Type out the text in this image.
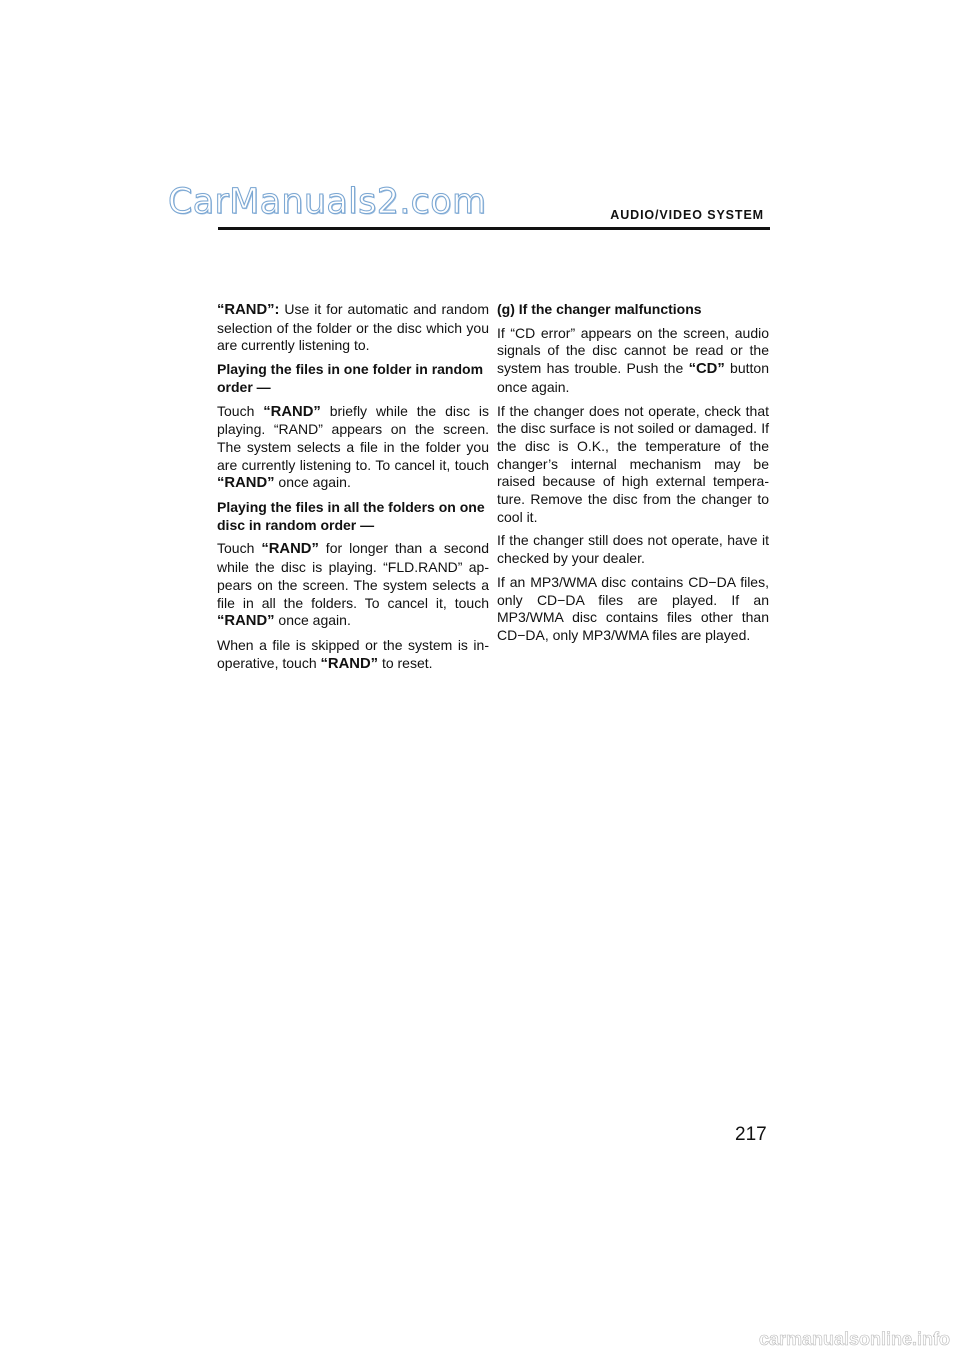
CarManuals2.com	AUDIO/VIDEO SYSTEM

“RAND”: Use it for automatic and random selection of the folder or the disc which you are currently listening to.

Playing the files in one folder in random order —

Touch “RAND” briefly while the disc is playing. “RAND” appears on the screen. The system selects a file in the folder you are currently listening to. To cancel it, touch “RAND” once again.

Playing the files in all the folders on one disc in random order —

Touch “RAND” for longer than a second while the disc is playing. “FLD.RAND” appears on the screen. The system selects a file in all the folders. To cancel it, touch “RAND” once again.

When a file is skipped or the system is inoperative, touch “RAND” to reset.

(g) If the changer malfunctions

If “CD error” appears on the screen, audio signals of the disc cannot be read or the system has trouble. Push the “CD” button once again.

If the changer does not operate, check that the disc surface is not soiled or damaged. If the disc is O.K., the temperature of the changer’s internal mechanism may be raised because of high external temperature. Remove the disc from the changer to cool it.

If the changer still does not operate, have it checked by your dealer.

If an MP3/WMA disc contains CD−DA files, only CD−DA files are played. If an MP3/WMA disc contains files other than CD−DA, only MP3/WMA files are played.

217
carmanualsonline.info
